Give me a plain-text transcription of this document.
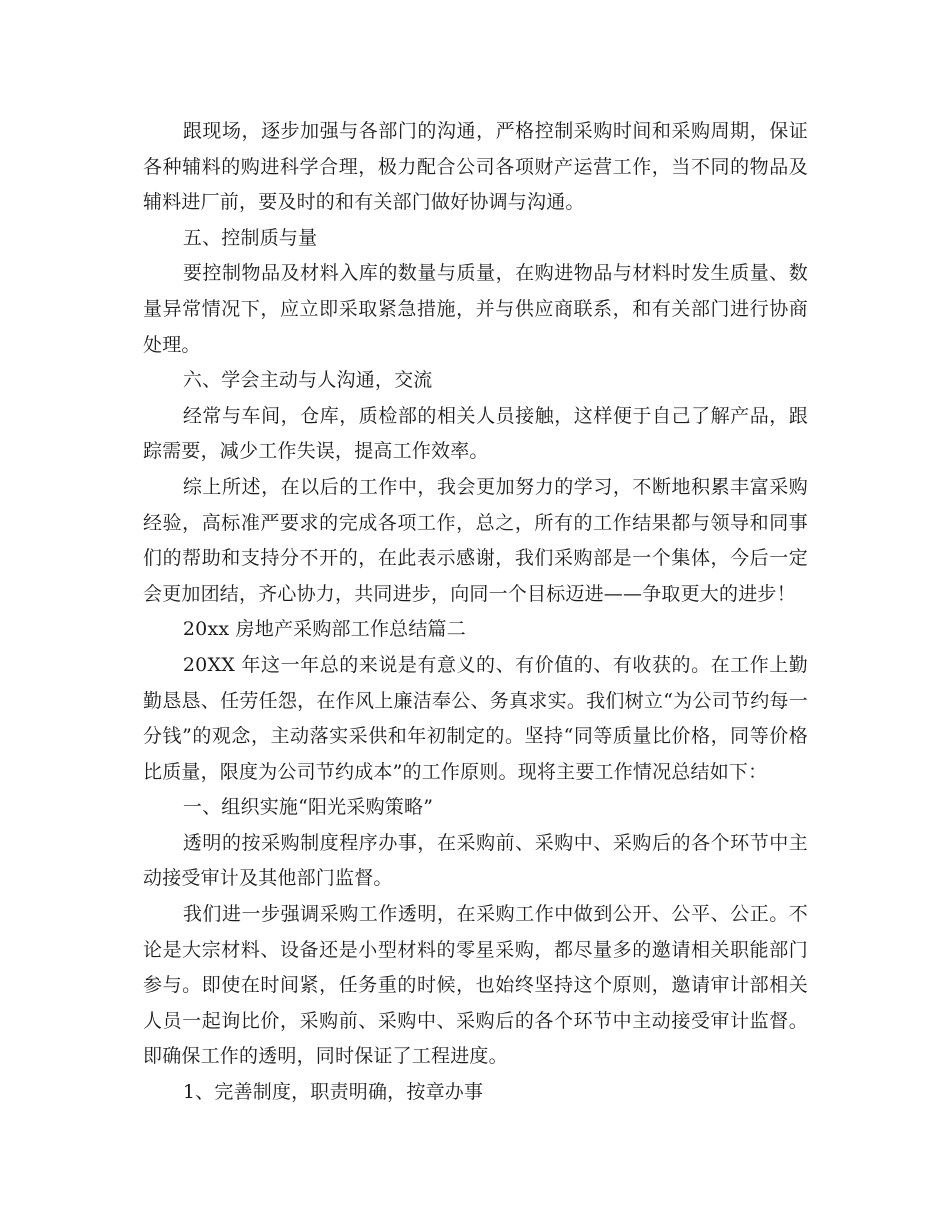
跟现场，逐步加强与各部门的沟通，严格控制采购时间和采购周期，保证各种辅料的购进科学合理，极力配合公司各项财产运营工作，当不同的物品及辅料进厂前，要及时的和有关部门做好协调与沟通。

五、控制质与量

要控制物品及材料入库的数量与质量，在购进物品与材料时发生质量、数量异常情况下，应立即采取紧急措施，并与供应商联系，和有关部门进行协商处理。

六、学会主动与人沟通，交流

经常与车间，仓库，质检部的相关人员接触，这样便于自己了解产品，跟踪需要，减少工作失误，提高工作效率。

综上所述，在以后的工作中，我会更加努力的学习，不断地积累丰富采购经验，高标准严要求的完成各项工作，总之，所有的工作结果都与领导和同事们的帮助和支持分不开的，在此表示感谢，我们采购部是一个集体，今后一定会更加团结，齐心协力，共同进步，向同一个目标迈进——争取更大的进步！

20xx 房地产采购部工作总结篇二

20XX 年这一年总的来说是有意义的、有价值的、有收获的。在工作上勤勤恳恳、任劳任怨，在作风上廉洁奉公、务真求实。我们树立“为公司节约每一分钱”的观念，主动落实采供和年初制定的。坚持“同等质量比价格，同等价格比质量，限度为公司节约成本”的工作原则。现将主要工作情况总结如下：

一、组织实施“阳光采购策略”

透明的按采购制度程序办事，在采购前、采购中、采购后的各个环节中主动接受审计及其他部门监督。

我们进一步强调采购工作透明，在采购工作中做到公开、公平、公正。不论是大宗材料、设备还是小型材料的零星采购，都尽量多的邀请相关职能部门参与。即使在时间紧，任务重的时候，也始终坚持这个原则，邀请审计部相关人员一起询比价，采购前、采购中、采购后的各个环节中主动接受审计监督。即确保工作的透明，同时保证了工程进度。

1、完善制度，职责明确，按章办事
